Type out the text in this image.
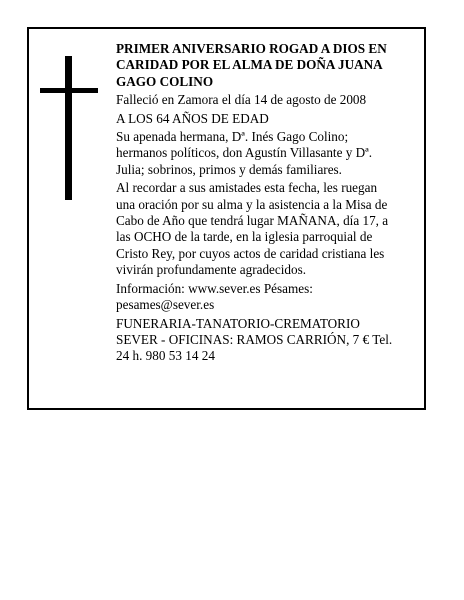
PRIMER ANIVERSARIO ROGAD A DIOS EN CARIDAD POR EL ALMA DE DOÑA JUANA GAGO COLINO

Falleció en Zamora el día 14 de agosto de 2008

A LOS 64 AÑOS DE EDAD

Su apenada hermana, Dª. Inés Gago Colino; hermanos políticos, don Agustín Villasante y Dª. Julia; sobrinos, primos y demás familiares.

Al recordar a sus amistades esta fecha, les ruegan una oración por su alma y la asistencia a la Misa de Cabo de Año que tendrá lugar MAÑANA, día 17, a las OCHO de la tarde, en la iglesia parroquial de Cristo Rey, por cuyos actos de caridad cristiana les vivirán profundamente agradecidos.

Información: www.sever.es Pésames: pesames@sever.es

FUNERARIA-TANATORIO-CREMATORIO SEVER - OFICINAS: RAMOS CARRIÓN, 7 € Tel. 24 h. 980 53 14 24
